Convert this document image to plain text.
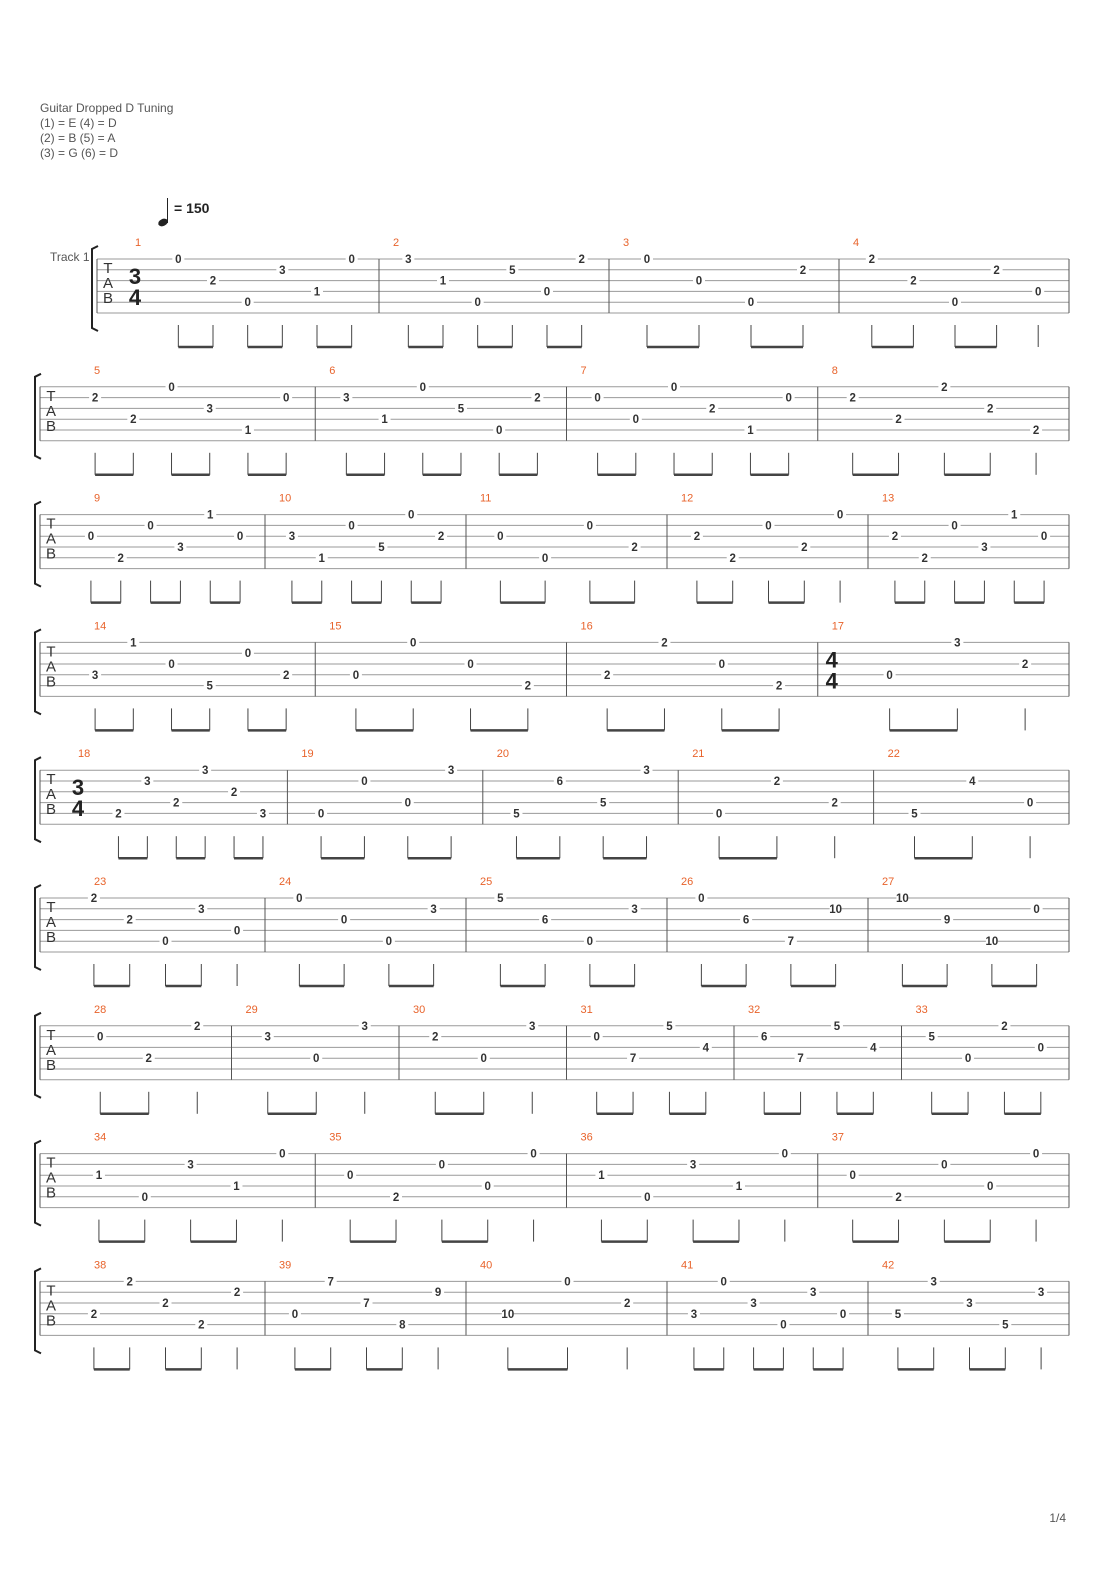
Guitar Dropped D Tuning
(1) = E (4) = D
(2) = B (5) = A
(3) = G (6) = D
= 150
Track 1
T
A
B
3
4
1
0
2
0
3
1
0
2
3
1
0
5
0
2
3
0
0
0
2
4
2
2
0
2
0
T
A
B
5
2
2
0
3
1
0
6
3
1
0
5
0
2
7
0
0
0
2
1
0
8
2
2
2
2
2
T
A
B
9
0
2
0
3
1
0
10
3
1
0
5
0
2
11
0
0
0
2
12
2
2
0
2
0
13
2
2
0
3
1
0
T
A
B
14
3
1
0
5
0
2
15
0
0
0
2
16
2
2
0
2
17
4
4	0
3
2
T
A
B
3
4
18
2
3
2
3
2
3
19
0
0
0
3
20
5
6
5
3
21
0
2
2
22
5
4
0
T
A
B
23
2
2
0
3
0
24
0
0
0
3
25
5
6
0
3
26
0
6
7
10
27
10
9
10
0
T
A
B
28
0
2
2
29
3
0
3
30
2
0
3
31
0
7
5
4
32
6
7
5
4
33
5
0
2
0
T
A
B
34
1
0
3
1
0
35
0
2
0
0
0
36
1
0
3
1
0
37
0
2
0
0
0
T
A
B
38
2
2
2
2
2
39
0
7
7
8
9
40
10
0
2
41
3
0
3
0
3
0
42
5
3
3
5
3
1/4
